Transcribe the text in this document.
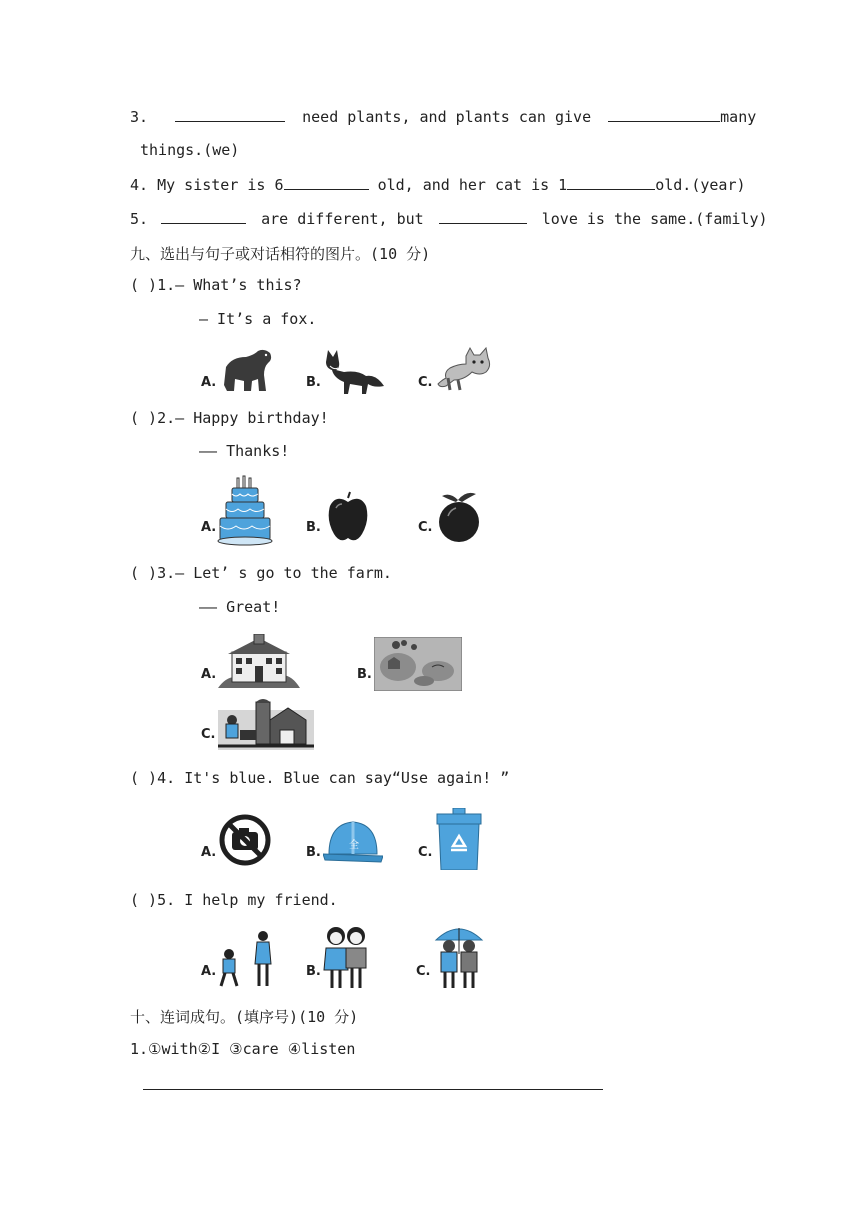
3.	need plants, and plants can give	many
things.(we)
4. My sister is 6	old, and her cat is 1	old.(year)
5.	are different, but	love is the same.(family)
九、选出与句子或对话相符的图片。(10 分)
( )1.— What’s this?
— It’s a fox.
A.	B.	C.
( )2.— Happy birthday!
—— Thanks!
A.	B.	C.
( )3.— Let’ s go to the farm.
—— Great!
A.	B.
C.
( )4. It's blue. Blue can say“Use again! ”
A.	B.	全	C.
( )5. I help my friend.
A.	B.	C.
十、连词成句。(填序号)(10 分)
1.①with②I ③care ④listen
